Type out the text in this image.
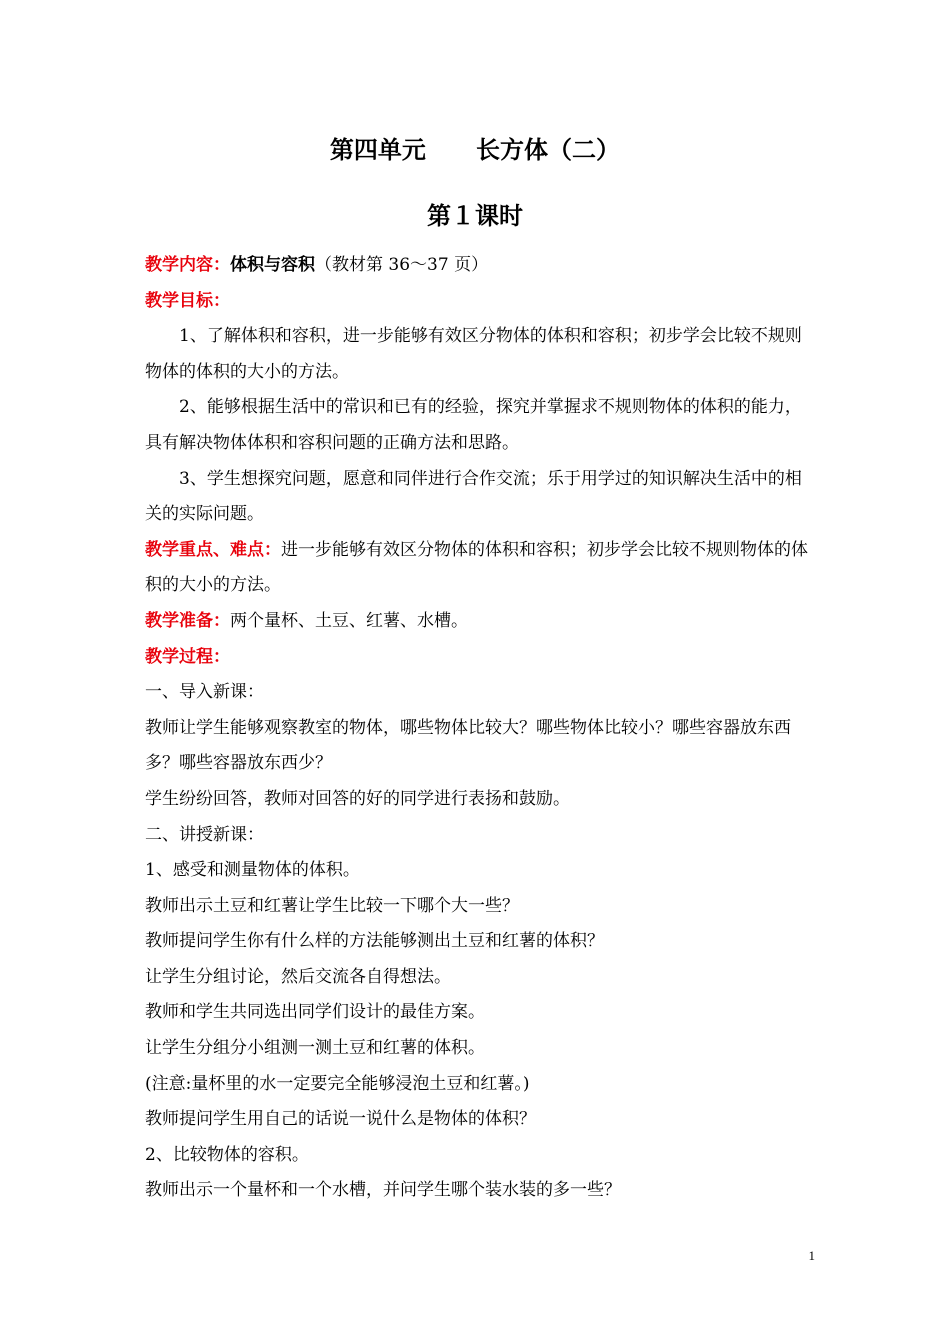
第四单元      长方体（二）
第１课时

教学内容：体积与容积（教材第 36～37 页）

教学目标：

1、了解体积和容积，进一步能够有效区分物体的体积和容积；初步学会比较不规则物体的体积的大小的方法。

2、能够根据生活中的常识和已有的经验，探究并掌握求不规则物体的体积的能力，具有解决物体体积和容积问题的正确方法和思路。

3、学生想探究问题，愿意和同伴进行合作交流；乐于用学过的知识解决生活中的相关的实际问题。

教学重点、难点：进一步能够有效区分物体的体积和容积；初步学会比较不规则物体的体积的大小的方法。

教学准备：两个量杯、土豆、红薯、水槽。

教学过程：

一、导入新课：

教师让学生能够观察教室的物体，哪些物体比较大？哪些物体比较小？哪些容器放东西多？哪些容器放东西少？

学生纷纷回答，教师对回答的好的同学进行表扬和鼓励。

二、讲授新课：

1、感受和测量物体的体积。

教师出示土豆和红薯让学生比较一下哪个大一些？

教师提问学生你有什么样的方法能够测出土豆和红薯的体积？

让学生分组讨论，然后交流各自得想法。

教师和学生共同选出同学们设计的最佳方案。

让学生分组分小组测一测土豆和红薯的体积。

(注意:量杯里的水一定要完全能够浸泡土豆和红薯。)

教师提问学生用自己的话说一说什么是物体的体积？

2、比较物体的容积。

教师出示一个量杯和一个水槽，并问学生哪个装水装的多一些？

1
